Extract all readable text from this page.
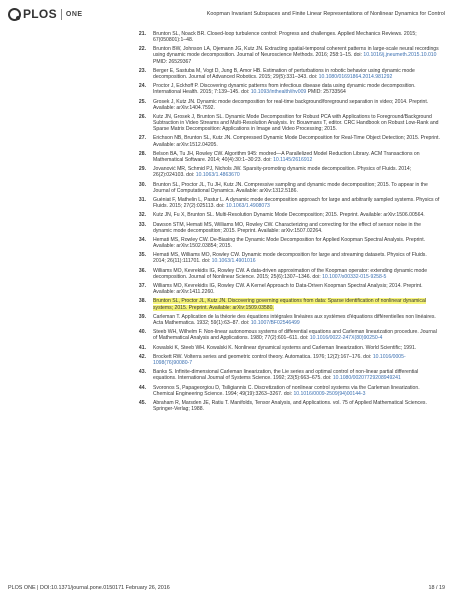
PLOS ONE	Koopman Invariant Subspaces and Finite Linear Representations of Nonlinear Dynamics for Control
21. Brunton SL, Noack BR. Closed-loop turbulence control: Progress and challenges. Applied Mechanics Reviews. 2015; 67(050801):1–48.
22. Brunton BW, Johnson LA, Ojemann JG, Kutz JN. Extracting spatial-temporal coherent patterns in large-scale neural recordings using dynamic mode decomposition. Journal of Neuroscience Methods. 2016; 258:1–15. doi: 10.1016/j.jneumeth.2015.10.010 PMID: 26529367
23. Berger E, Sastuba M, Vogt D, Jung B, Amor HB. Estimation of perturbations in robotic behavior using dynamic mode decomposition. Journal of Advanced Robotics. 2015; 29(5):331–343. doi: 10.1080/01691864.2014.981292
24. Proctor J, Eckhoff P. Discovering dynamic patterns from infectious disease data using dynamic mode decomposition. International Health. 2015; 7:139–145. doi: 10.1093/inthealth/ihv009 PMID: 25733564
25. Grosek J, Kutz JN. Dynamic mode decomposition for real-time background/foreground separation in video; 2014. Preprint. Available: arXiv:1404.7592.
26. Kutz JN, Grosek J, Brunton SL. Dynamic Mode Decomposition for Robust PCA with Applications to Foreground/Background Subtraction in Video Streams and Multi-Resolution Analysis. In: Bouwmans T, editor. CRC Handbook on Robust Low-Rank and Sparse Matrix Decomposition: Applications in Image and Video Processing; 2015.
27. Erichson NB, Brunton SL, Kutz JN. Compressed Dynamic Mode Decomposition for Real-Time Object Detection; 2015. Preprint. Available: arXiv:1512.04205.
28. Belson BA, Tu JH, Rowley CW. Algorithm 945: modred—A Parallelized Model Reduction Library. ACM Transactions on Mathematical Software. 2014; 40(4):30:1–30:23. doi: 10.1145/2616912
29. Jovanović MR, Schmid PJ, Nichols JW. Sparsity-promoting dynamic mode decomposition. Physics of Fluids. 2014; 26(2):024103. doi: 10.1063/1.4863670
30. Brunton SL, Proctor JL, Tu JH, Kutz JN. Compressive sampling and dynamic mode decomposition; 2015. To appear in the Journal of Computational Dynamics. Available: arXiv:1312.5186.
31. Guéniat F, Mathelin L, Pastur L. A dynamic mode decomposition approach for large and arbitrarily sampled systems. Physics of Fluids. 2015; 27(2):025113. doi: 10.1063/1.4908073
32. Kutz JN, Fu X, Brunton SL. Multi-Resolution Dynamic Mode Decomposition; 2015. Preprint. Available: arXiv:1506.00564.
33. Dawson STM, Hemati MS, Williams MO, Rowley CW. Characterizing and correcting for the effect of sensor noise in the dynamic mode decomposition; 2015. Preprint. Available: arXiv:1507.02264.
34. Hemati MS, Rowley CW. De-Biasing the Dynamic Mode Decomposition for Applied Koopman Spectral Analysis. Preprint. Available: arXiv:1502.03854; 2015.
35. Hemati MS, Williams MO, Rowley CW. Dynamic mode decomposition for large and streaming datasets. Physics of Fluids. 2014; 26(11):111701. doi: 10.1063/1.4901016
36. Williams MO, Kevrekidis IG, Rowley CW. A data-driven approximation of the Koopman operator: extending dynamic mode decomposition. Journal of Nonlinear Science. 2015; 25(6):1307–1346. doi: 10.1007/s00332-015-9258-5
37. Williams MO, Kevrekidis IG, Rowley CW. A Kernel Approach to Data-Driven Koopman Spectral Analysis; 2014. Preprint. Available: arXiv:1411.2260.
38. Brunton SL, Proctor JL, Kutz JN. Discovering governing equations from data: Sparse identification of nonlinear dynamical systems; 2015. Preprint. Available: arXiv:1509.03580.
39. Carleman T. Application de la théorie des équations intégrales linéaires aux systèmes d'équations différentielles non linéaires. Acta Mathematica. 1932; 59(1):63–87. doi: 10.1007/BF02546499
40. Steeb WH, Wilhelm F. Non-linear autonomous systems of differential equations and Carleman linearization procedure. Journal of Mathematical Analysis and Applications. 1980; 77(2):601–611. doi: 10.1016/0022-247X(80)90250-4
41. Kowalski K, Steeb WH. Kowalski K. Nonlinear dynamical systems and Carleman linearization. World Scientific; 1991.
42. Brockett RW. Volterra series and geometric control theory. Automatica. 1976; 12(2):167–176. doi: 10.1016/0005-1098(76)90080-7
43. Banks S. Infinite-dimensional Carleman linearization, the Lie series and optimal control of non-linear partial differential equations. International Journal of Systems Science. 1992; 23(5):663–675. doi: 10.1080/00207729208949241
44. Svoronos S, Papageorgiou D, Tsiligiannis C. Discretization of nonlinear control systems via the Carleman linearization. Chemical Engineering Science. 1994; 49(19):3263–3267. doi: 10.1016/0009-2509(94)00144-3
45. Abraham R, Marsden JE, Ratiu T. Manifolds, Tensor Analysis, and Applications. vol. 75 of Applied Mathematical Sciences. Springer-Verlag; 1988.
PLOS ONE | DOI:10.1371/journal.pone.0150171 February 26, 2016	18 / 19
